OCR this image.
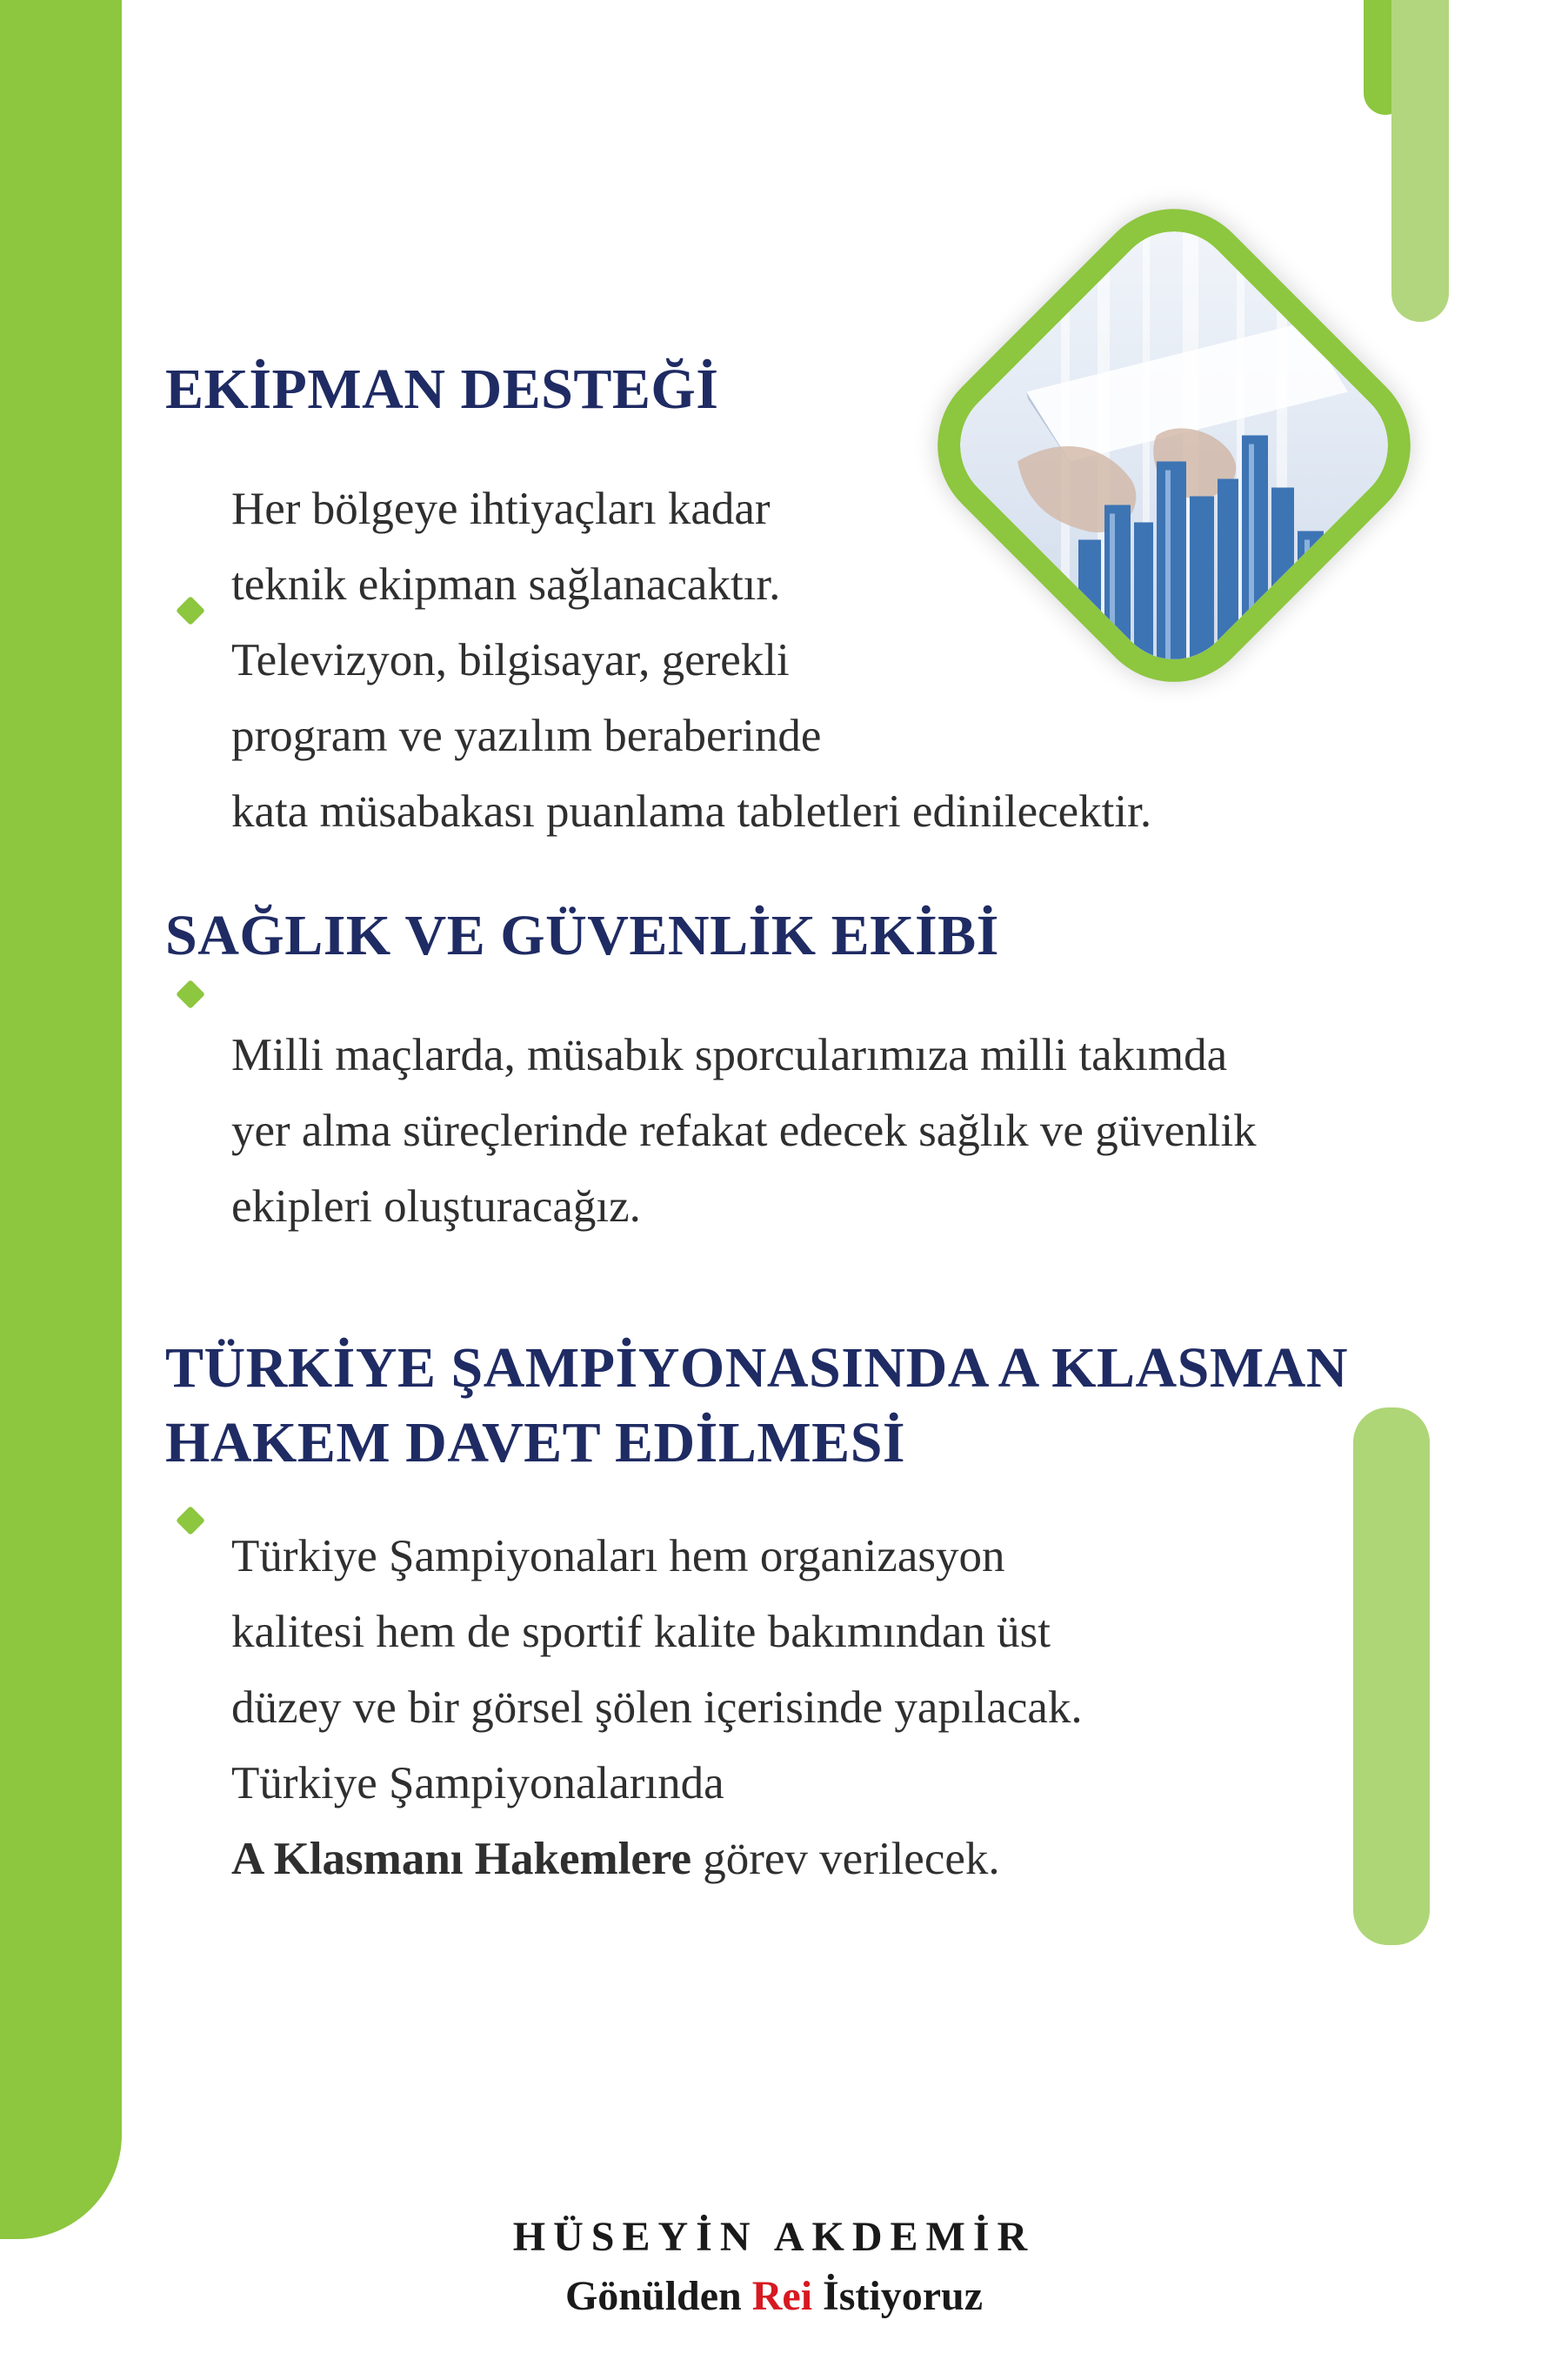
EKİPMAN DESTEĞİ

Her bölgeye ihtiyaçları kadar
teknik ekipman sağlanacaktır.
Televizyon, bilgisayar, gerekli
program ve yazılım beraberinde
kata müsabakası puanlama tabletleri edinilecektir.

SAĞLIK VE GÜVENLİK EKİBİ

Milli maçlarda, müsabık sporcularımıza milli takımda
yer alma süreçlerinde refakat edecek sağlık ve güvenlik
ekipleri oluşturacağız.

TÜRKİYE ŞAMPİYONASINDA A KLASMAN
HAKEM DAVET EDİLMESİ

Türkiye Şampiyonaları hem organizasyon
kalitesi hem de sportif kalite bakımından üst
düzey ve bir görsel şölen içerisinde yapılacak.
Türkiye Şampiyonalarında
A Klasmanı Hakemlere görev verilecek.

HÜSEYİN AKDEMİR
Gönülden Rei İstiyoruz
